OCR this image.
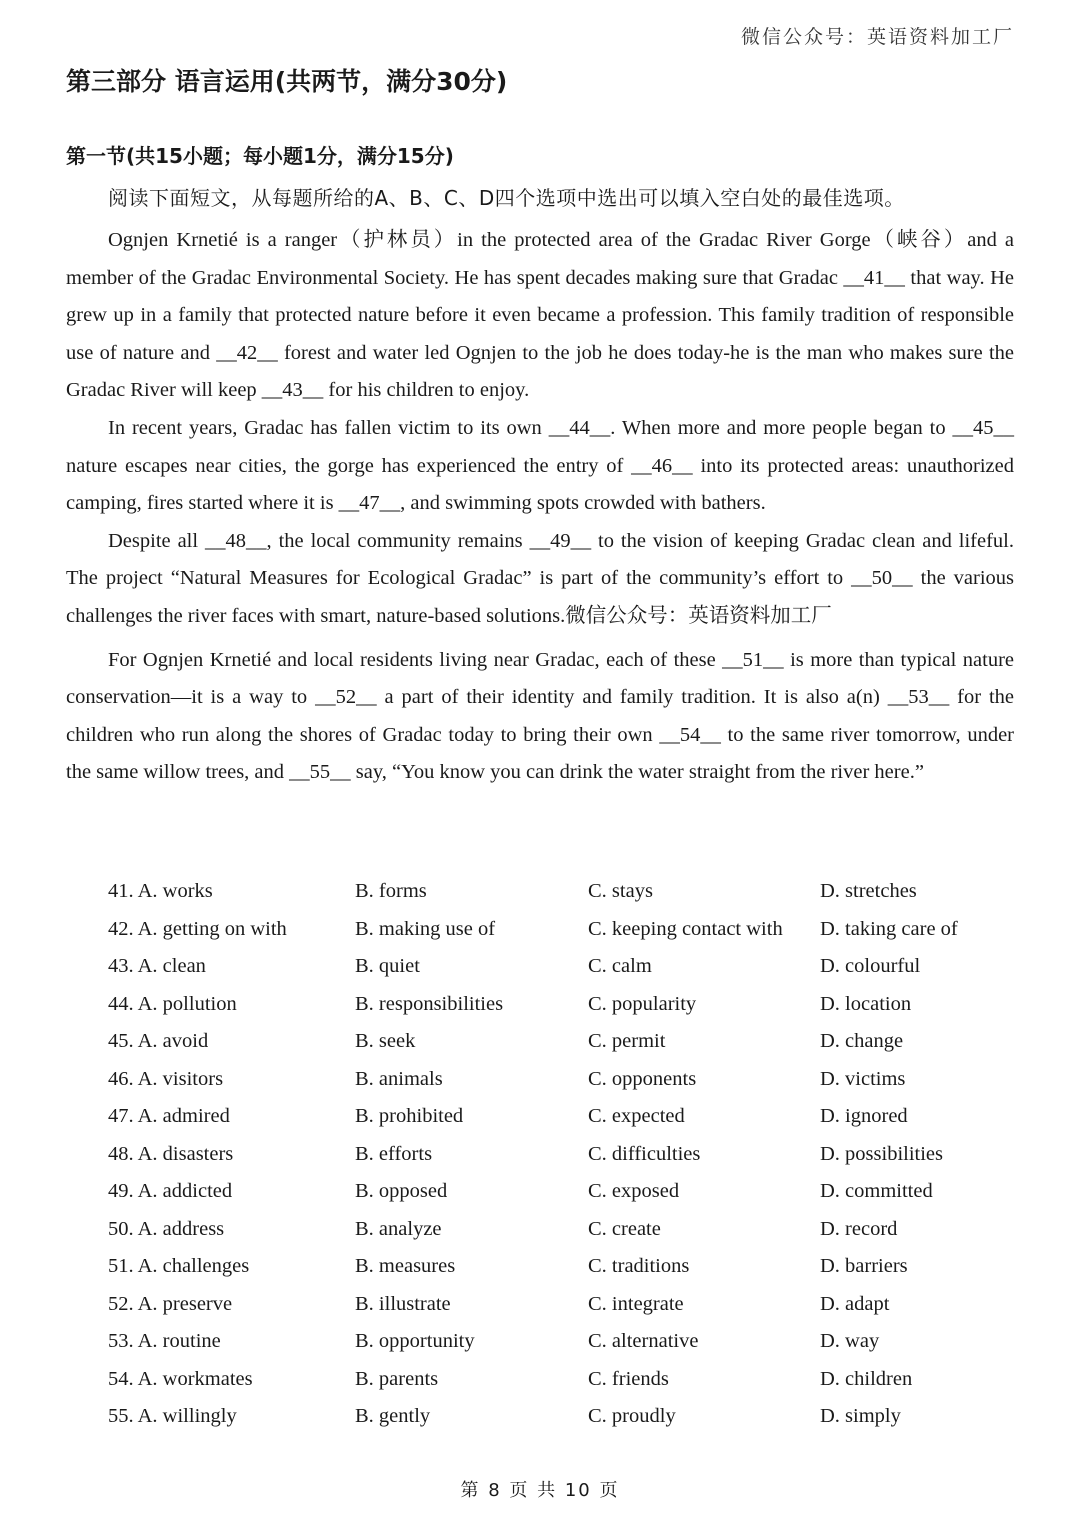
微信公众号：英语资料加工厂
第三部分 语言运用(共两节，满分30分)
第一节(共15小题；每小题1分，满分15分)
阅读下面短文，从每题所给的A、B、C、D四个选项中选出可以填入空白处的最佳选项。

Ognjen Krnetié is a ranger（护林员）in the protected area of the Gradac River Gorge（峡谷）and a member of the Gradac Environmental Society. He has spent decades making sure that Gradac __41__ that way. He grew up in a family that protected nature before it even became a profession. This family tradition of responsible use of nature and __42__ forest and water led Ognjen to the job he does today-he is the man who makes sure the Gradac River will keep __43__ for his children to enjoy.

In recent years, Gradac has fallen victim to its own __44__. When more and more people began to __45__ nature escapes near cities, the gorge has experienced the entry of __46__ into its protected areas: unauthorized camping, fires started where it is __47__, and swimming spots crowded with bathers.

Despite all __48__, the local community remains __49__ to the vision of keeping Gradac clean and lifeful. The project “Natural Measures for Ecological Gradac” is part of the community’s effort to __50__ the various challenges the river faces with smart, nature-based solutions.微信公众号：英语资料加工厂

For Ognjen Krnetié and local residents living near Gradac, each of these __51__ is more than typical nature conservation—it is a way to __52__ a part of their identity and family tradition. It is also a(n) __53__ for the children who run along the shores of Gradac today to bring their own __54__ to the same river tomorrow, under the same willow trees, and __55__ say, “You know you can drink the water straight from the river here.”

41. A. works	B. forms	C. stays	D. stretches
42. A. getting on with	B. making use of	C. keeping contact with	D. taking care of
43. A. clean	B. quiet	C. calm	D. colourful
44. A. pollution	B. responsibilities	C. popularity	D. location
45. A. avoid	B. seek	C. permit	D. change
46. A. visitors	B. animals	C. opponents	D. victims
47. A. admired	B. prohibited	C. expected	D. ignored
48. A. disasters	B. efforts	C. difficulties	D. possibilities
49. A. addicted	B. opposed	C. exposed	D. committed
50. A. address	B. analyze	C. create	D. record
51. A. challenges	B. measures	C. traditions	D. barriers
52. A. preserve	B. illustrate	C. integrate	D. adapt
53. A. routine	B. opportunity	C. alternative	D. way
54. A. workmates	B. parents	C. friends	D. children
55. A. willingly	B. gently	C. proudly	D. simply
第 8 页 共 10 页
